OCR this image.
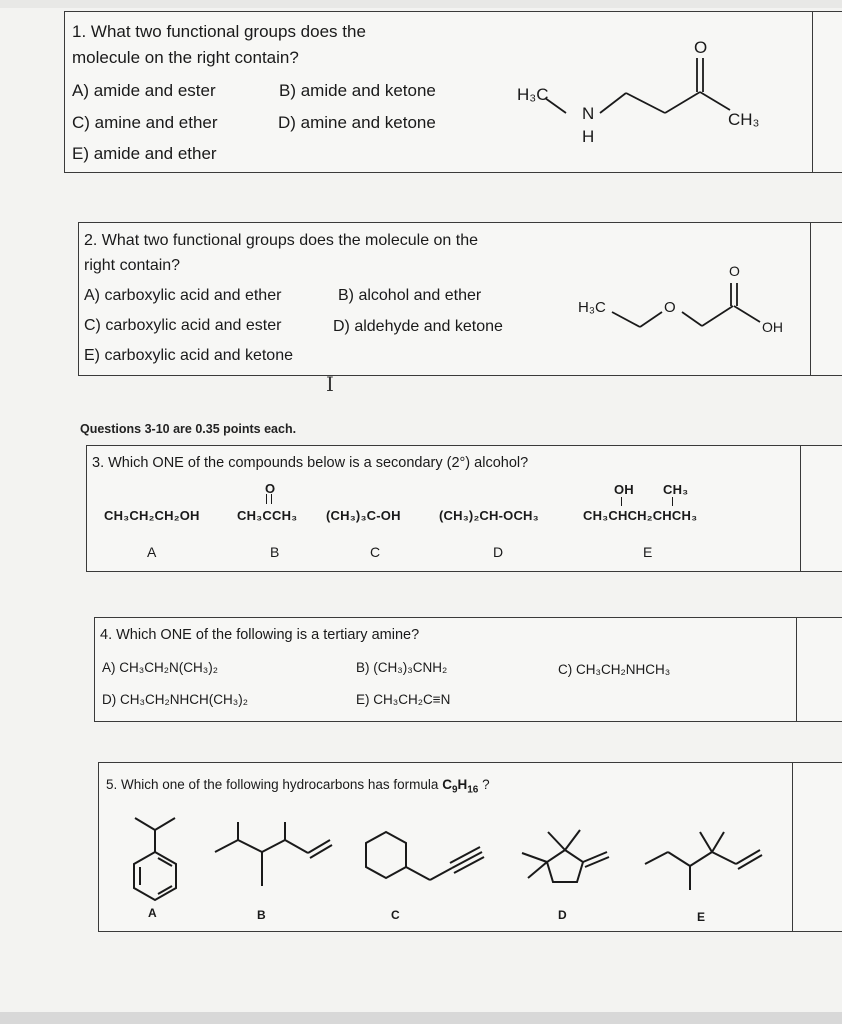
1. What two functional groups does the
molecule on the right contain?
A) amide and ester	B) amide and ketone
C) amine and ether	D) amine and ketone
E) amide and ether
H₃C
N
H
O
CH₃
2. What two functional groups does the molecule on the
right contain?
A) carboxylic acid and ether	B) alcohol and ether
C) carboxylic acid and ester	D) aldehyde and ketone
E) carboxylic acid and ketone
H₃C	O
O
OH
I
Questions 3-10 are 0.35 points each.
3. Which ONE of the compounds below is a secondary (2°) alcohol?
CH₃CH₂CH₂OH
O
CH₃CCH₃ (CH₃)₃C-OH	(CH₃)₂CH-OCH₃
OH CH₃
CH₃CHCH₂CHCH₃
A	B	C	D	E
4. Which ONE of the following is a tertiary amine?
A) CH₃CH₂N(CH₃)₂	B) (CH₃)₃CNH₂	C) CH₃CH₂NHCH₃
D) CH₃CH₂NHCH(CH₃)₂	E) CH₃CH₂C≡N
5. Which one of the following hydrocarbons has formula $C_9H_{16}$ ?
A	B	C	D	E
